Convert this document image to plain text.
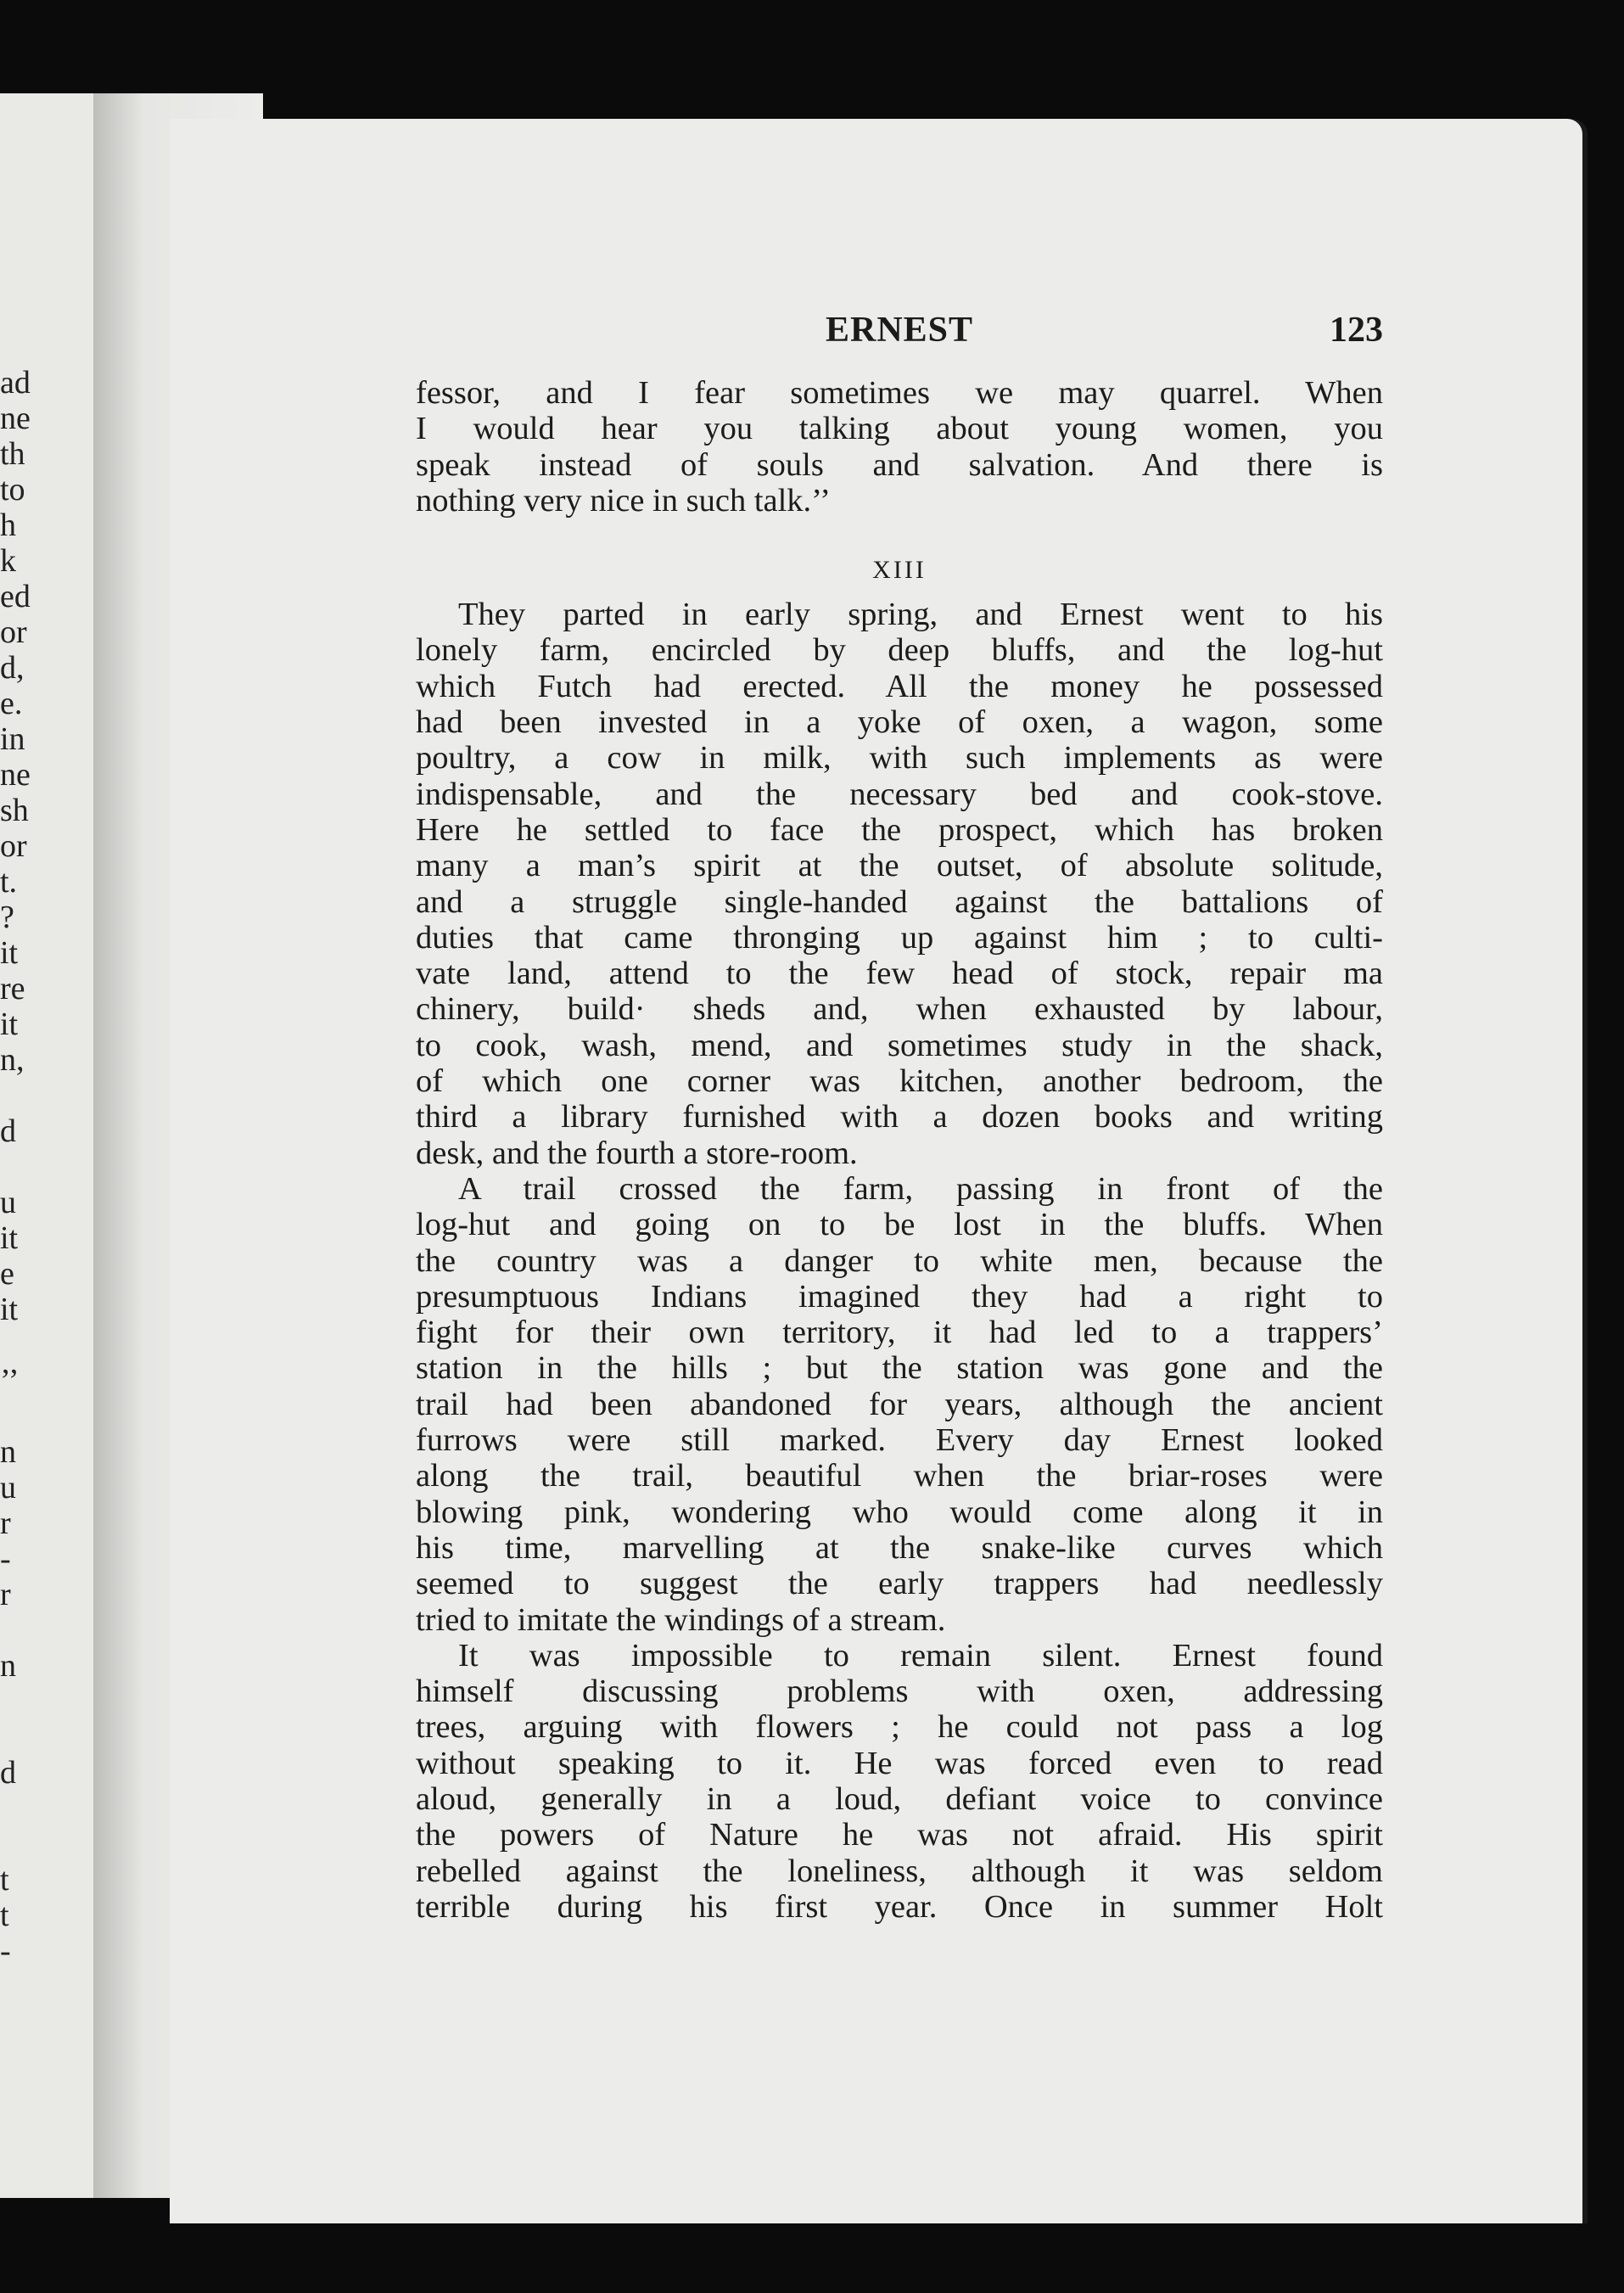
ad
ne
th
to
h
k
ed
or
d,
e.
in
ne
sh
or
t.
?
it
re
it
n,
d
u
it
e
it
’’
n
u
r
-
r
n
d
t
t
-
ERNEST	123
fessor, and I fear sometimes we may quarrel. When
I would hear you talking about young women, you
speak instead of souls and salvation. And there is
nothing very nice in such talk.’’
XIII
They parted in early spring, and Ernest went to his
lonely farm, encircled by deep bluffs, and the log-hut
which Futch had erected. All the money he possessed
had been invested in a yoke of oxen, a wagon, some
poultry, a cow in milk, with such implements as were
indispensable, and the necessary bed and cook-stove.
Here he settled to face the prospect, which has broken
many a man’s spirit at the outset, of absolute solitude,
and a struggle single-handed against the battalions of
duties that came thronging up against him ; to culti-
vate land, attend to the few head of stock, repair ma
chinery, build· sheds and, when exhausted by labour,
to cook, wash, mend, and sometimes study in the shack,
of which one corner was kitchen, another bedroom, the
third a library furnished with a dozen books and writing
desk, and the fourth a store-room.
A trail crossed the farm, passing in front of the
log-hut and going on to be lost in the bluffs. When
the country was a danger to white men, because the
presumptuous Indians imagined they had a right to
fight for their own territory, it had led to a trappers’
station in the hills ; but the station was gone and the
trail had been abandoned for years, although the ancient
furrows were still marked. Every day Ernest looked
along the trail, beautiful when the briar-roses were
blowing pink, wondering who would come along it in
his time, marvelling at the snake-like curves which
seemed to suggest the early trappers had needlessly
tried to imitate the windings of a stream.
It was impossible to remain silent. Ernest found
himself discussing problems with oxen, addressing
trees, arguing with flowers ; he could not pass a log
without speaking to it. He was forced even to read
aloud, generally in a loud, defiant voice to convince
the powers of Nature he was not afraid. His spirit
rebelled against the loneliness, although it was seldom
terrible during his first year. Once in summer Holt
